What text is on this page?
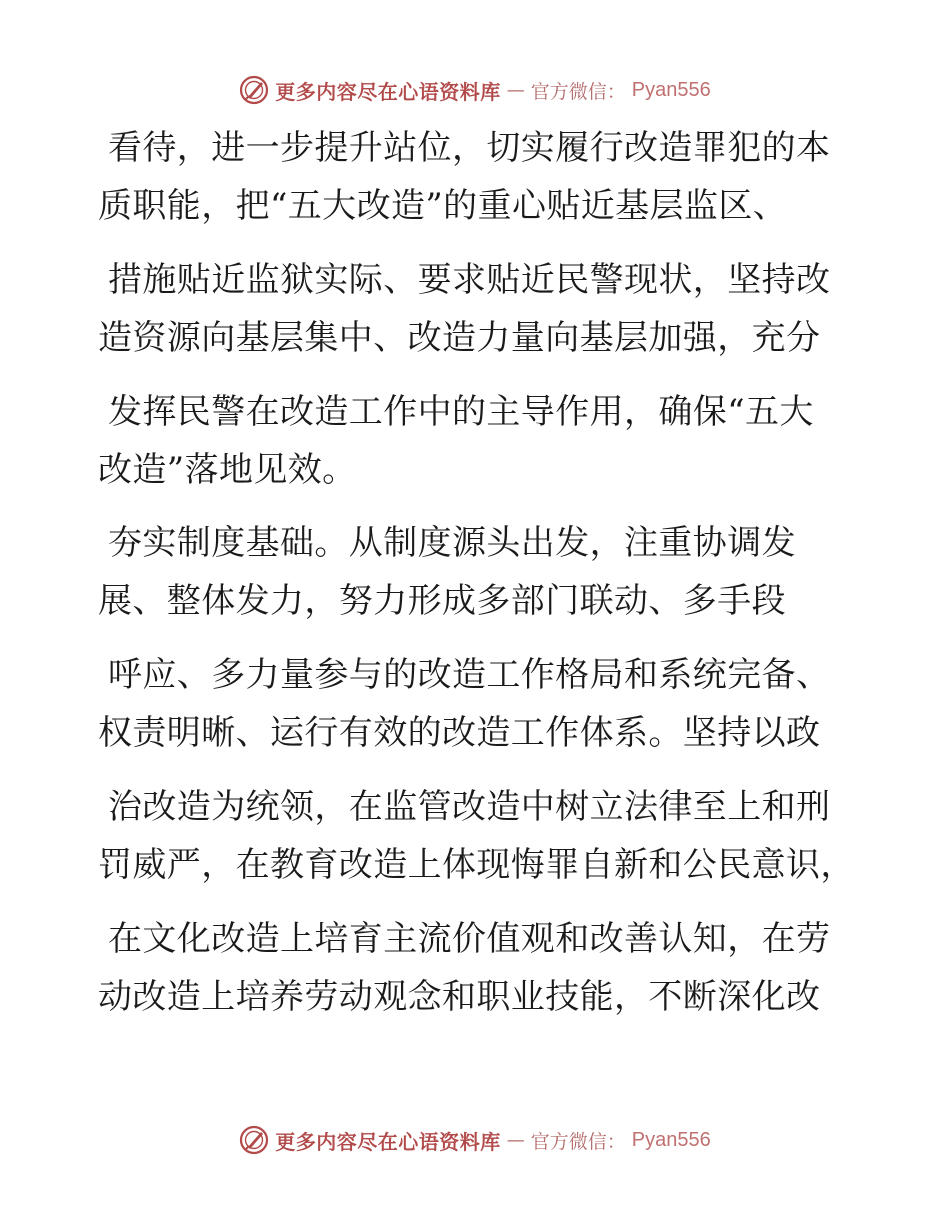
更多内容尽在心语资料库 — 官方微信： Pyan556
看待，进一步提升站位，切实履行改造罪犯的本
质职能，把“五大改造”的重心贴近基层监区、
措施贴近监狱实际、要求贴近民警现状，坚持改
造资源向基层集中、改造力量向基层加强，充分
发挥民警在改造工作中的主导作用，确保“五大
改造”落地见效。
夯实制度基础。从制度源头出发，注重协调发
展、整体发力，努力形成多部门联动、多手段
呼应、多力量参与的改造工作格局和系统完备、
权责明晰、运行有效的改造工作体系。坚持以政
治改造为统领，在监管改造中树立法律至上和刑
罚威严，在教育改造上体现悔罪自新和公民意识，
在文化改造上培育主流价值观和改善认知，在劳
动改造上培养劳动观念和职业技能，不断深化改
更多内容尽在心语资料库 — 官方微信： Pyan556
